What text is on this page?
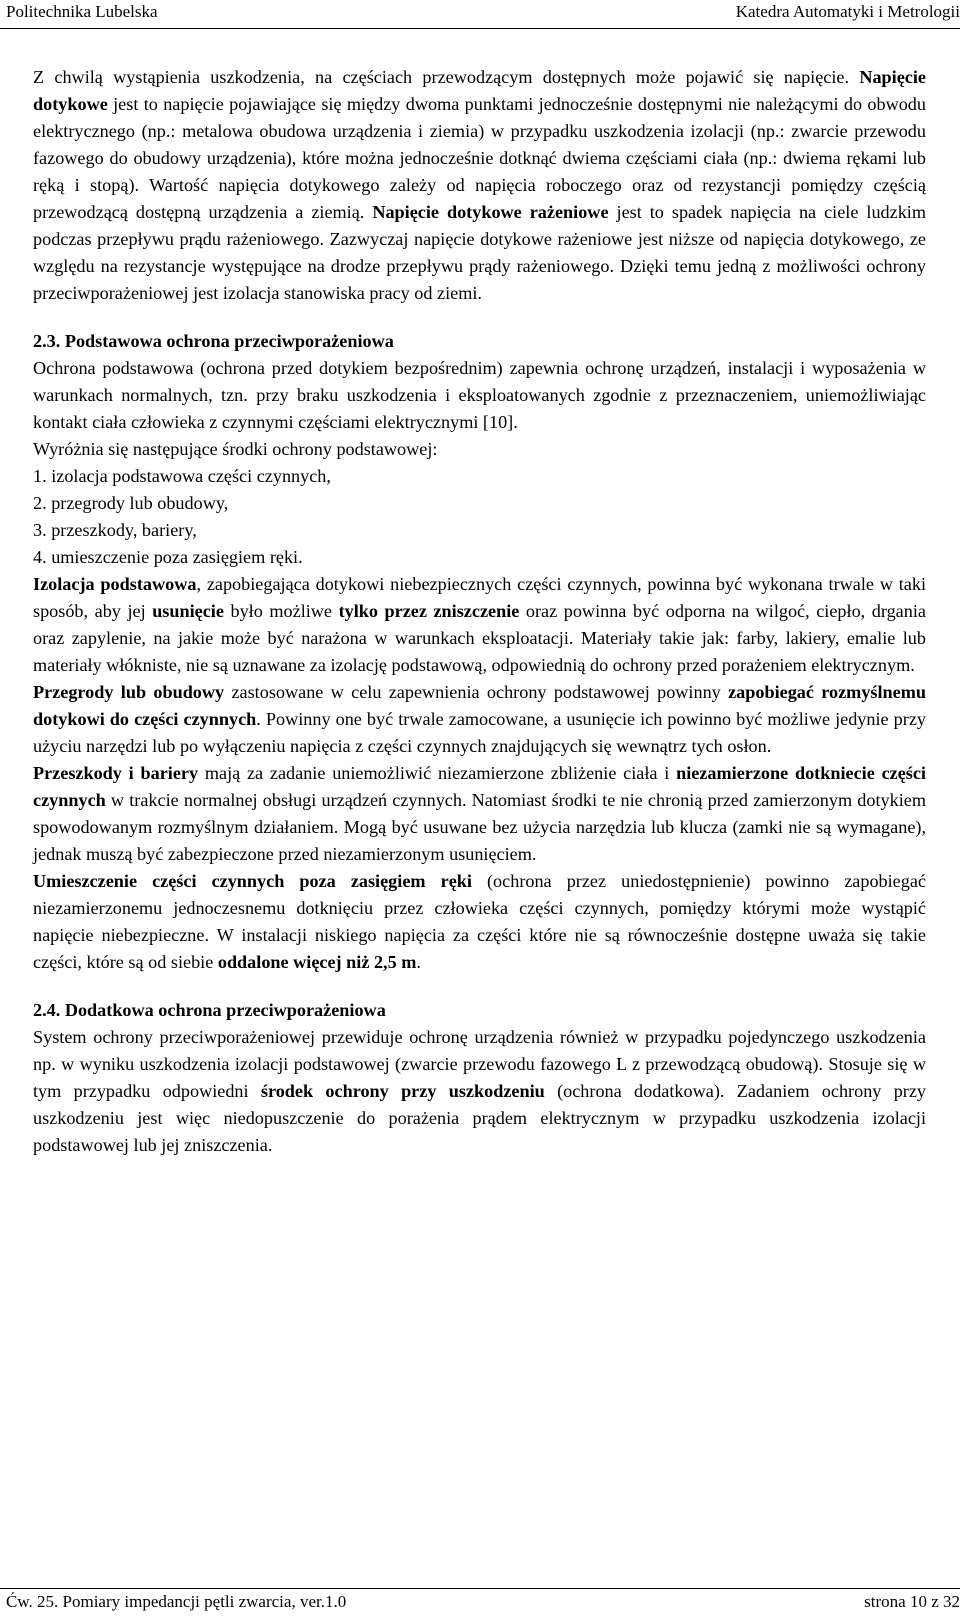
Politechnika Lubelska	Katedra Automatyki i Metrologii

Z chwilą wystąpienia uszkodzenia, na częściach przewodzącym dostępnych może pojawić się napięcie. Napięcie dotykowe jest to napięcie pojawiające się między dwoma punktami jednocześnie dostępnymi nie należącymi do obwodu elektrycznego (np.: metalowa obudowa urządzenia i ziemia) w przypadku uszkodzenia izolacji (np.: zwarcie przewodu fazowego do obudowy urządzenia), które można jednocześnie dotknąć dwiema częściami ciała (np.: dwiema rękami lub ręką i stopą). Wartość napięcia dotykowego zależy od napięcia roboczego oraz od rezystancji pomiędzy częścią przewodzącą dostępną urządzenia a ziemią. Napięcie dotykowe rażeniowe jest to spadek napięcia na ciele ludzkim podczas przepływu prądu rażeniowego. Zazwyczaj napięcie dotykowe rażeniowe jest niższe od napięcia dotykowego, ze względu na rezystancje występujące na drodze przepływu prądy rażeniowego. Dzięki temu jedną z możliwości ochrony przeciwporażeniowej jest izolacja stanowiska pracy od ziemi.

2.3. Podstawowa ochrona przeciwporażeniowa

Ochrona podstawowa (ochrona przed dotykiem bezpośrednim) zapewnia ochronę urządzeń, instalacji i wyposażenia w warunkach normalnych, tzn. przy braku uszkodzenia i eksploatowanych zgodnie z przeznaczeniem, uniemożliwiając kontakt ciała człowieka z czynnymi częściami elektrycznymi [10].

Wyróżnia się następujące środki ochrony podstawowej:

1. izolacja podstawowa części czynnych,
2. przegrody lub obudowy,
3. przeszkody, bariery,
4. umieszczenie poza zasięgiem ręki.

Izolacja podstawowa, zapobiegająca dotykowi niebezpiecznych części czynnych, powinna być wykonana trwale w taki sposób, aby jej usunięcie było możliwe tylko przez zniszczenie oraz powinna być odporna na wilgoć, ciepło, drgania oraz zapylenie, na jakie może być narażona w warunkach eksploatacji. Materiały takie jak: farby, lakiery, emalie lub materiały włókniste, nie są uznawane za izolację podstawową, odpowiednią do ochrony przed porażeniem elektrycznym.

Przegrody lub obudowy zastosowane w celu zapewnienia ochrony podstawowej powinny zapobiegać rozmyślnemu dotykowi do części czynnych. Powinny one być trwale zamocowane, a usunięcie ich powinno być możliwe jedynie przy użyciu narzędzi lub po wyłączeniu napięcia z części czynnych znajdujących się wewnątrz tych osłon.

Przeszkody i bariery mają za zadanie uniemożliwić niezamierzone zbliżenie ciała i niezamierzone dotkniecie części czynnych w trakcie normalnej obsługi urządzeń czynnych. Natomiast środki te nie chronią przed zamierzonym dotykiem spowodowanym rozmyślnym działaniem. Mogą być usuwane bez użycia narzędzia lub klucza (zamki nie są wymagane), jednak muszą być zabezpieczone przed niezamierzonym usunięciem.

Umieszczenie części czynnych poza zasięgiem ręki (ochrona przez uniedostępnienie) powinno zapobiegać niezamierzonemu jednoczesnemu dotknięciu przez człowieka części czynnych, pomiędzy którymi może wystąpić napięcie niebezpieczne. W instalacji niskiego napięcia za części które nie są równocześnie dostępne uważa się takie części, które są od siebie oddalone więcej niż 2,5 m.

2.4. Dodatkowa ochrona przeciwporażeniowa

System ochrony przeciwporażeniowej przewiduje ochronę urządzenia również w przypadku pojedynczego uszkodzenia np. w wyniku uszkodzenia izolacji podstawowej (zwarcie przewodu fazowego L z przewodzącą obudową). Stosuje się w tym przypadku odpowiedni środek ochrony przy uszkodzeniu (ochrona dodatkowa). Zadaniem ochrony przy uszkodzeniu jest więc niedopuszczenie do porażenia prądem elektrycznym w przypadku uszkodzenia izolacji podstawowej lub jej zniszczenia.

Ćw. 25. Pomiary impedancji pętli zwarcia, ver.1.0	strona 10 z 32
